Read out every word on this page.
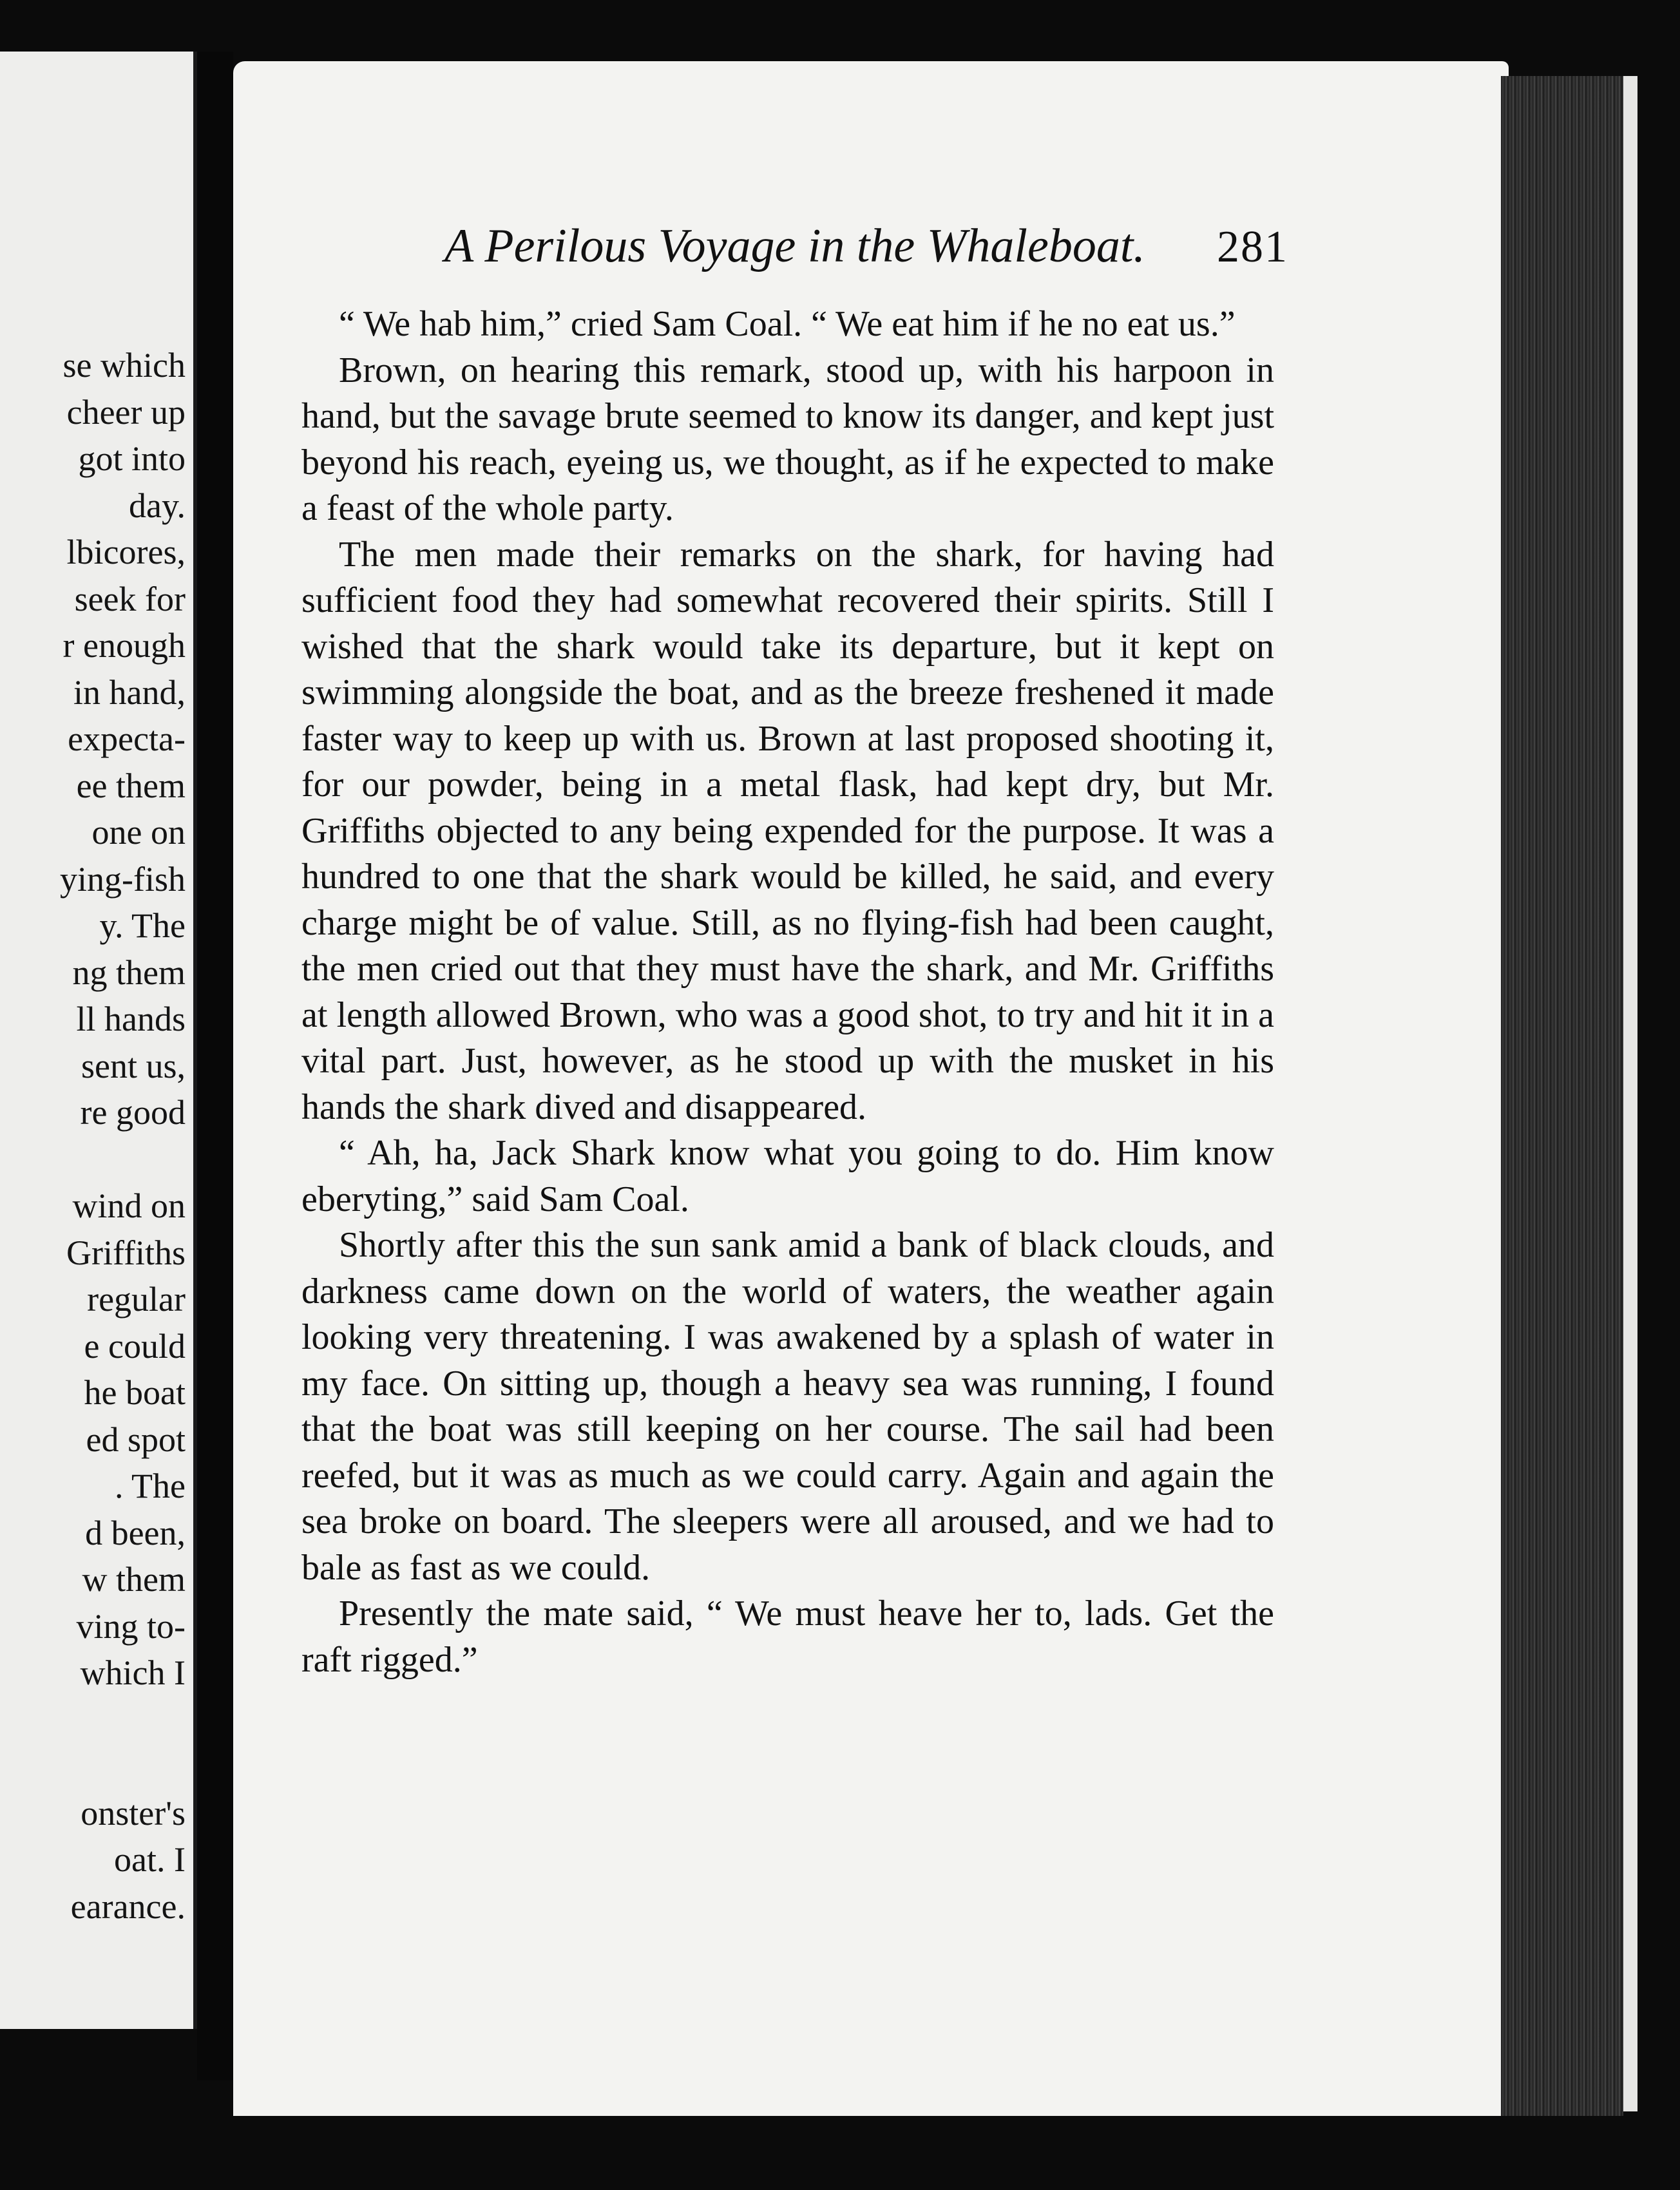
se which
cheer up
got into
day.
lbicores,
seek for
r enough
in hand,
expecta-
ee them
one on
ying-fish
y. The
ng them
ll hands
sent us,
re good
wind on
Griffiths
regular
e could
he boat
ed spot
. The
d been,
w them
ving to-
which I
onster's
oat. I
earance.
A Perilous Voyage in the Whaleboat. 281

“ We hab him,” cried Sam Coal. “ We eat him if he no eat us.”

Brown, on hearing this remark, stood up, with his harpoon in hand, but the savage brute seemed to know its danger, and kept just beyond his reach, eyeing us, we thought, as if he expected to make a feast of the whole party.

The men made their remarks on the shark, for having had sufficient food they had somewhat recovered their spirits. Still I wished that the shark would take its departure, but it kept on swimming alongside the boat, and as the breeze freshened it made faster way to keep up with us. Brown at last proposed shooting it, for our powder, being in a metal flask, had kept dry, but Mr. Griffiths objected to any being expended for the purpose. It was a hundred to one that the shark would be killed, he said, and every charge might be of value. Still, as no flying-fish had been caught, the men cried out that they must have the shark, and Mr. Griffiths at length allowed Brown, who was a good shot, to try and hit it in a vital part. Just, however, as he stood up with the musket in his hands the shark dived and disappeared.

“ Ah, ha, Jack Shark know what you going to do. Him know eberyting,” said Sam Coal.

Shortly after this the sun sank amid a bank of black clouds, and darkness came down on the world of waters, the weather again looking very threatening. I was awakened by a splash of water in my face. On sitting up, though a heavy sea was running, I found that the boat was still keeping on her course. The sail had been reefed, but it was as much as we could carry. Again and again the sea broke on board. The sleepers were all aroused, and we had to bale as fast as we could.

Presently the mate said, “ We must heave her to, lads. Get the raft rigged.”
